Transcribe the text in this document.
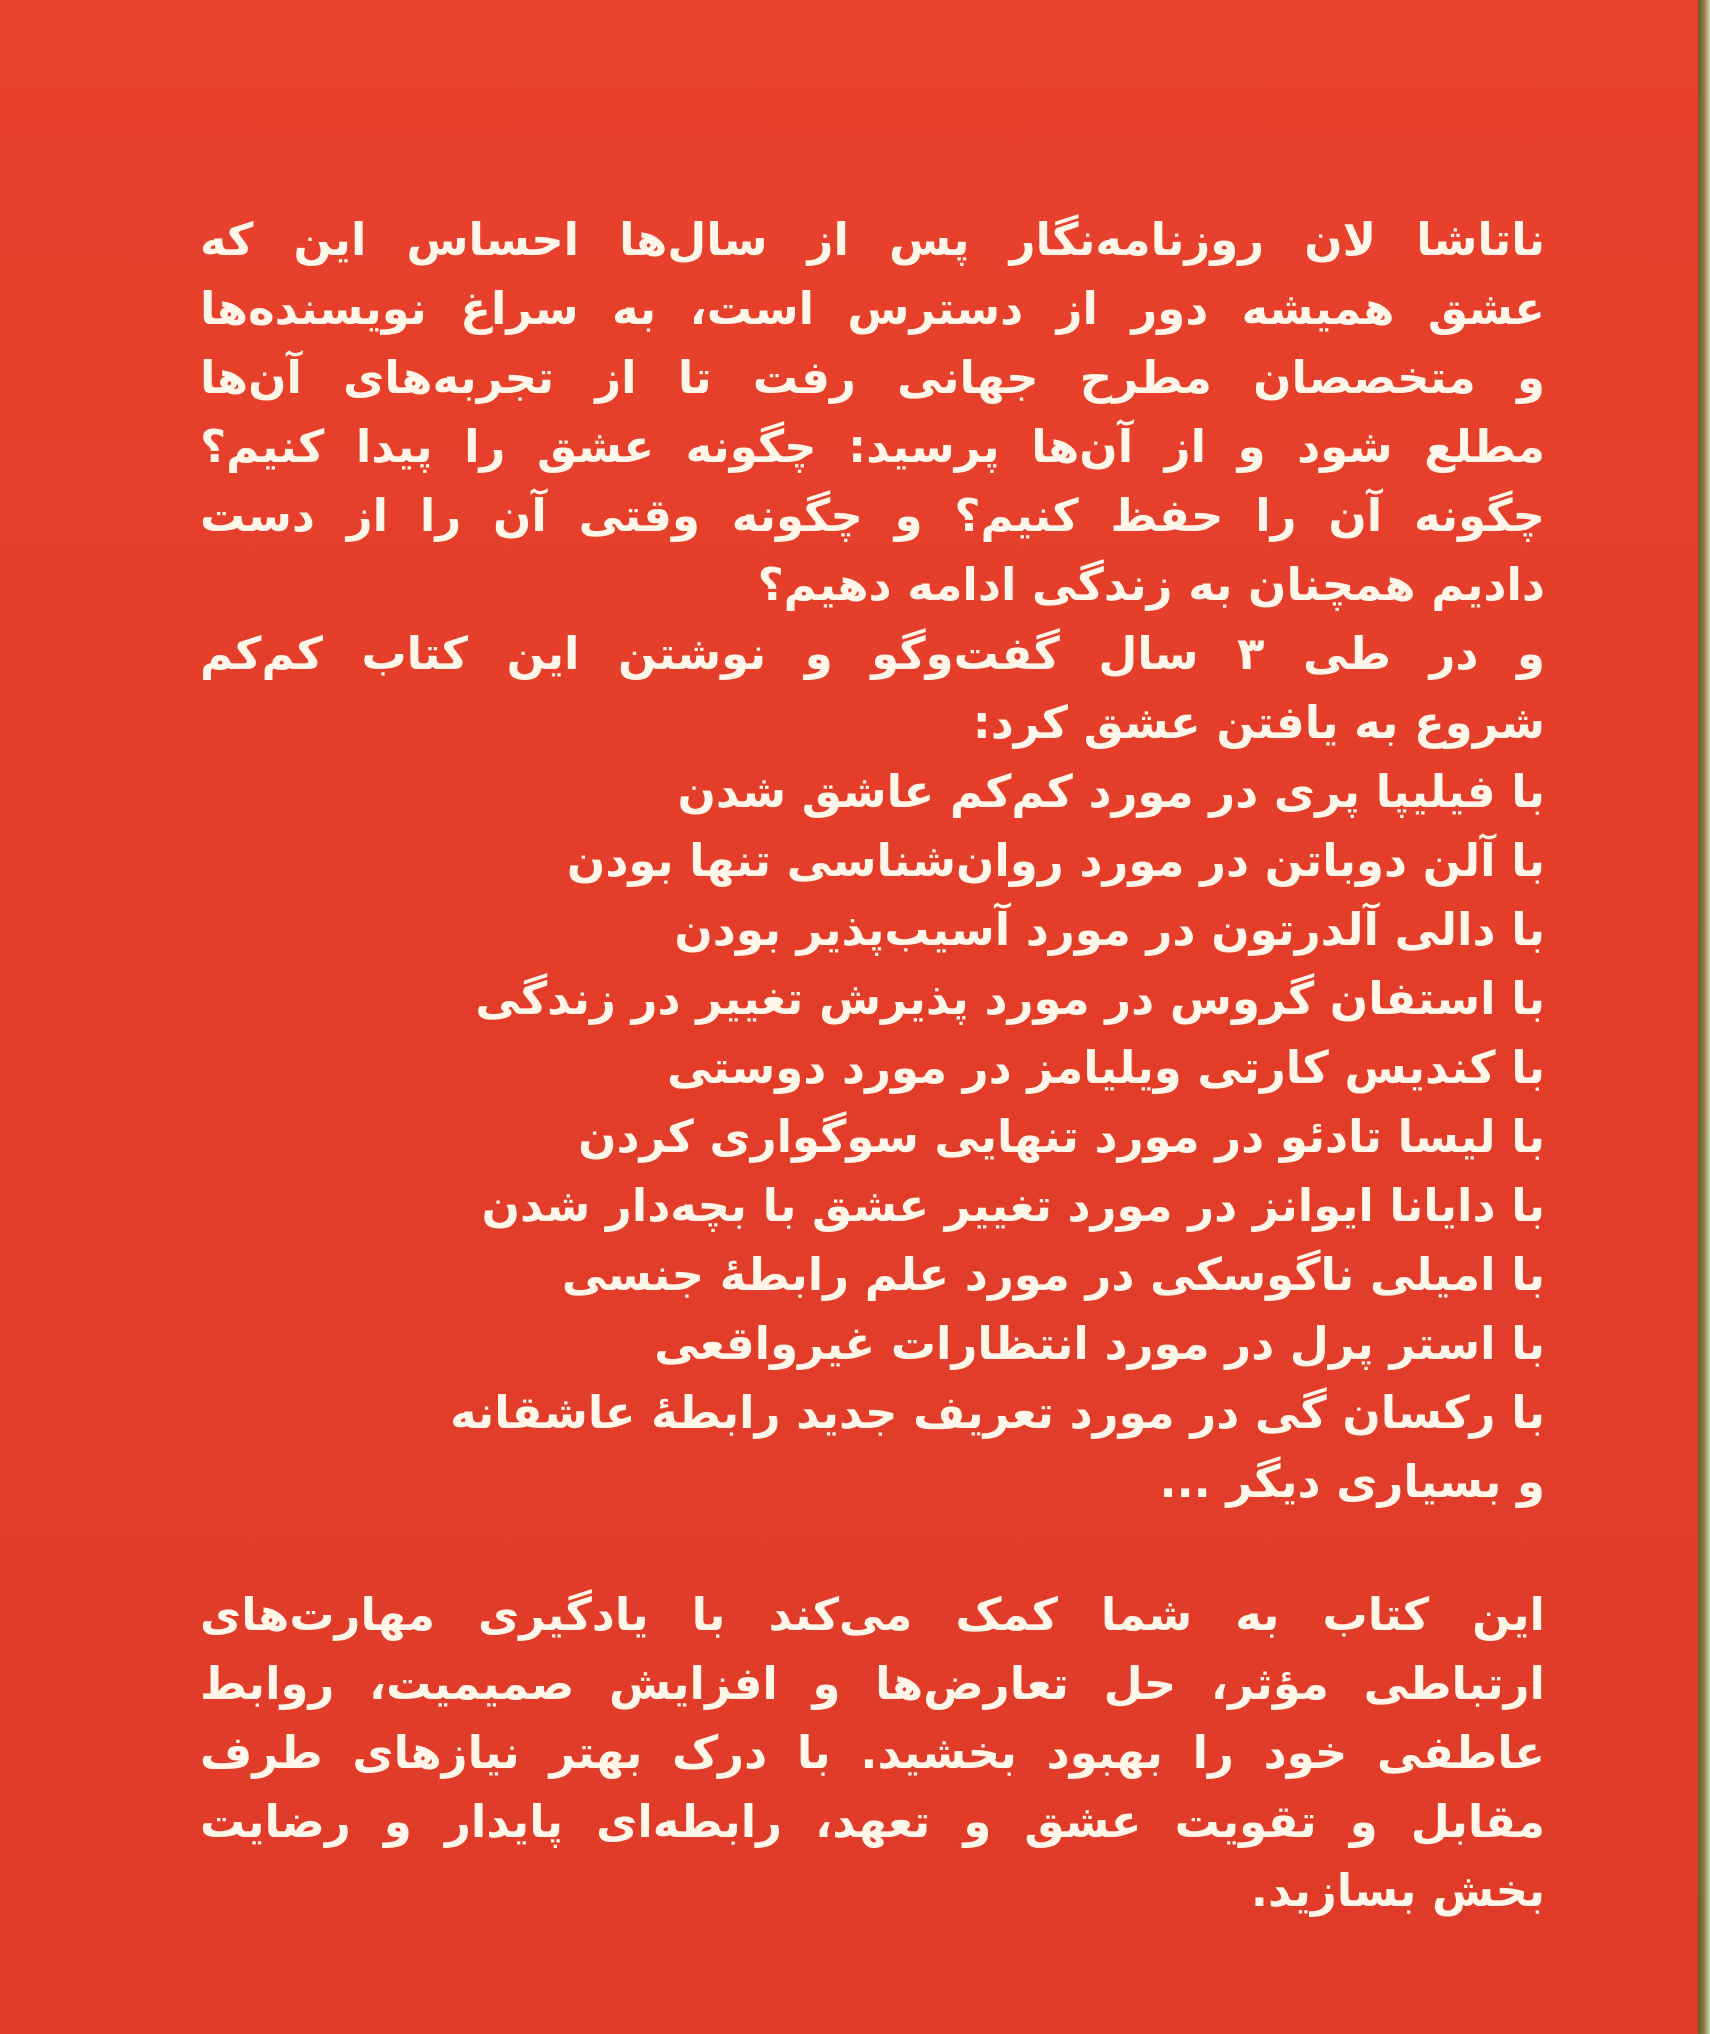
ناتاشا لان روزنامه‌نگار پس از سال‌ها احساس این که
عشق همیشه دور از دسترس است، به سراغ نویسنده‌ها
و متخصصان مطرح جهانی رفت تا از تجربه‌های آن‌ها
مطلع شود و از آن‌ها پرسید: چگونه عشق را پیدا کنیم؟
چگونه آن را حفظ کنیم؟ و چگونه وقتی آن را از دست
دادیم همچنان به زندگی ادامه دهیم؟
و در طی ۳ سال گفت‌وگو و نوشتن این کتاب کم‌کم
شروع به یافتن عشق کرد:
با فیلیپا پری در مورد کم‌کم عاشق شدن
با آلن دوباتن در مورد روان‌شناسی تنها بودن
با دالی آلدرتون در مورد آسیب‌پذیر بودن
با استفان گروس در مورد پذیرش تغییر در زندگی
با کندیس کارتی ویلیامز در مورد دوستی
با لیسا تادئو در مورد تنهایی سوگواری کردن
با دایانا ایوانز در مورد تغییر عشق با بچه‌دار شدن
با امیلی ناگوسکی در مورد علم رابطهٔ جنسی
با استر پرل در مورد انتظارات غیرواقعی
با رکسان گی در مورد تعریف جدید رابطهٔ عاشقانه
و بسیاری دیگر ...
این کتاب به شما کمک می‌کند با یادگیری مهارت‌های
ارتباطی مؤثر، حل تعارض‌ها و افزایش صمیمیت، روابط
عاطفی خود را بهبود بخشید. با درک بهتر نیازهای طرف
مقابل و تقویت عشق و تعهد، رابطه‌ای پایدار و رضایت
بخش بسازید.
